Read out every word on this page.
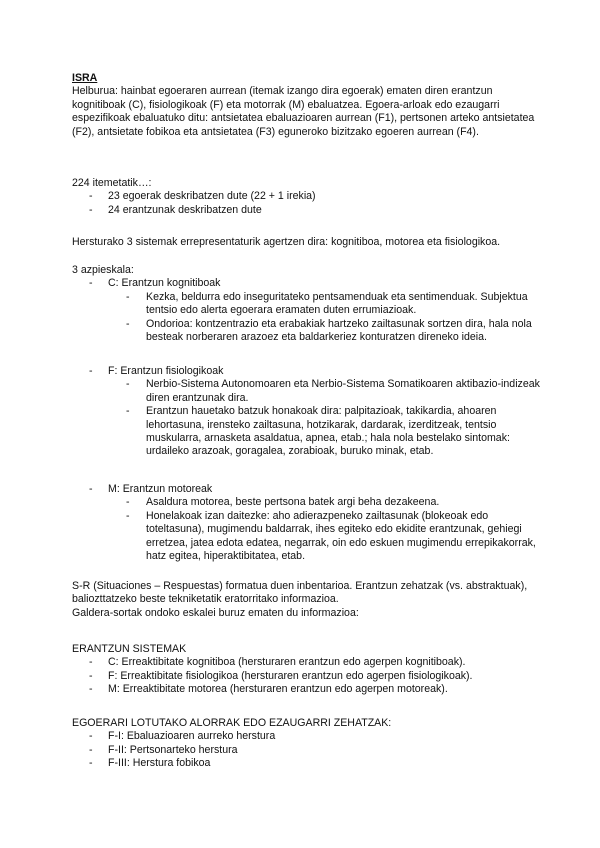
ISRA

Helburua: hainbat egoeraren aurrean (itemak izango dira egoerak) ematen diren erantzun kognitiboak (C), fisiologikoak (F) eta motorrak (M) ebaluatzea. Egoera-arloak edo ezaugarri espezifikoak ebaluatuko ditu: antsietatea ebaluazioaren aurrean (F1), pertsonen arteko antsietatea (F2), antsietate fobikoa eta antsietatea (F3) eguneroko bizitzako egoeren aurrean (F4).

224 itemetatik…:

- 23 egoerak deskribatzen dute (22 + 1 irekia)
- 24 erantzunak deskribatzen dute

Hersturako 3 sistemak errepresentaturik agertzen dira: kognitiboa, motorea eta fisiologikoa.

3 azpieskala:

- C: Erantzun kognitiboak
- Kezka, beldurra edo inseguritateko pentsamenduak eta sentimenduak. Subjektua tentsio edo alerta egoerara eramaten duten errumiazioak.
- Ondorioa: kontzentrazio eta erabakiak hartzeko zailtasunak sortzen dira, hala nola besteak norberaren arazoez eta baldarkeriez konturatzen direneko ideia.
- F: Erantzun fisiologikoak
- Nerbio-Sistema Autonomoaren eta Nerbio-Sistema Somatikoaren aktibazio-indizeak diren erantzunak dira.
- Erantzun hauetako batzuk honakoak dira: palpitazioak, takikardia, ahoaren lehortasuna, irensteko zailtasuna, hotzikarak, dardarak, izerditzeak, tentsio muskularra, arnasketa asaldatua, apnea, etab.; hala nola bestelako sintomak: urdaileko arazoak, goragalea, zorabioak, buruko minak, etab.
- M: Erantzun motoreak
- Asaldura motorea, beste pertsona batek argi beha dezakeena.
- Honelakoak izan daitezke: aho adierazpeneko zailtasunak (blokeoak edo toteltasuna), mugimendu baldarrak, ihes egiteko edo ekidite erantzunak, gehiegi erretzea, jatea edota edatea, negarrak, oin edo eskuen mugimendu errepikakorrak, hatz egitea, hiperaktibitatea, etab.

S-R (Situaciones – Respuestas) formatua duen inbentarioa. Erantzun zehatzak (vs. abstraktuak), baliozttatzeko beste tekniketatik eratorritako informazioa.

Galdera-sortak ondoko eskalei buruz ematen du informazioa:

ERANTZUN SISTEMAK

- C: Erreaktibitate kognitiboa (hersturaren erantzun edo agerpen kognitiboak).
- F: Erreaktibitate fisiologikoa (hersturaren erantzun edo agerpen fisiologikoak).
- M: Erreaktibitate motorea (hersturaren erantzun edo agerpen motoreak).

EGOERARI LOTUTAKO ALORRAK EDO EZAUGARRI ZEHATZAK:

- F-I: Ebaluazioaren aurreko herstura
- F-II: Pertsonarteko herstura
- F-III: Herstura fobikoa
